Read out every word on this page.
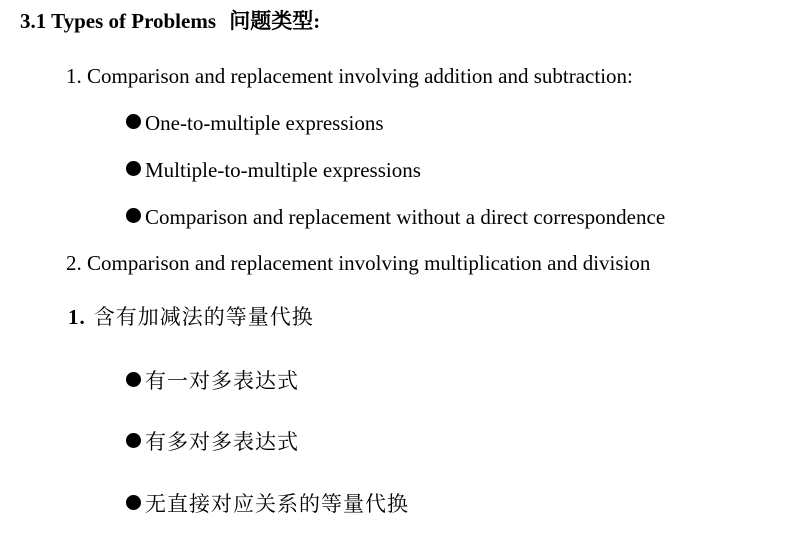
3.1 Types of Problems 问题类型:
1. Comparison and replacement involving addition and subtraction:
One-to-multiple expressions
Multiple-to-multiple expressions
Comparison and replacement without a direct correspondence
2. Comparison and replacement involving multiplication and division
1. 含有加减法的等量代换
有一对多表达式
有多对多表达式
无直接对应关系的等量代换
